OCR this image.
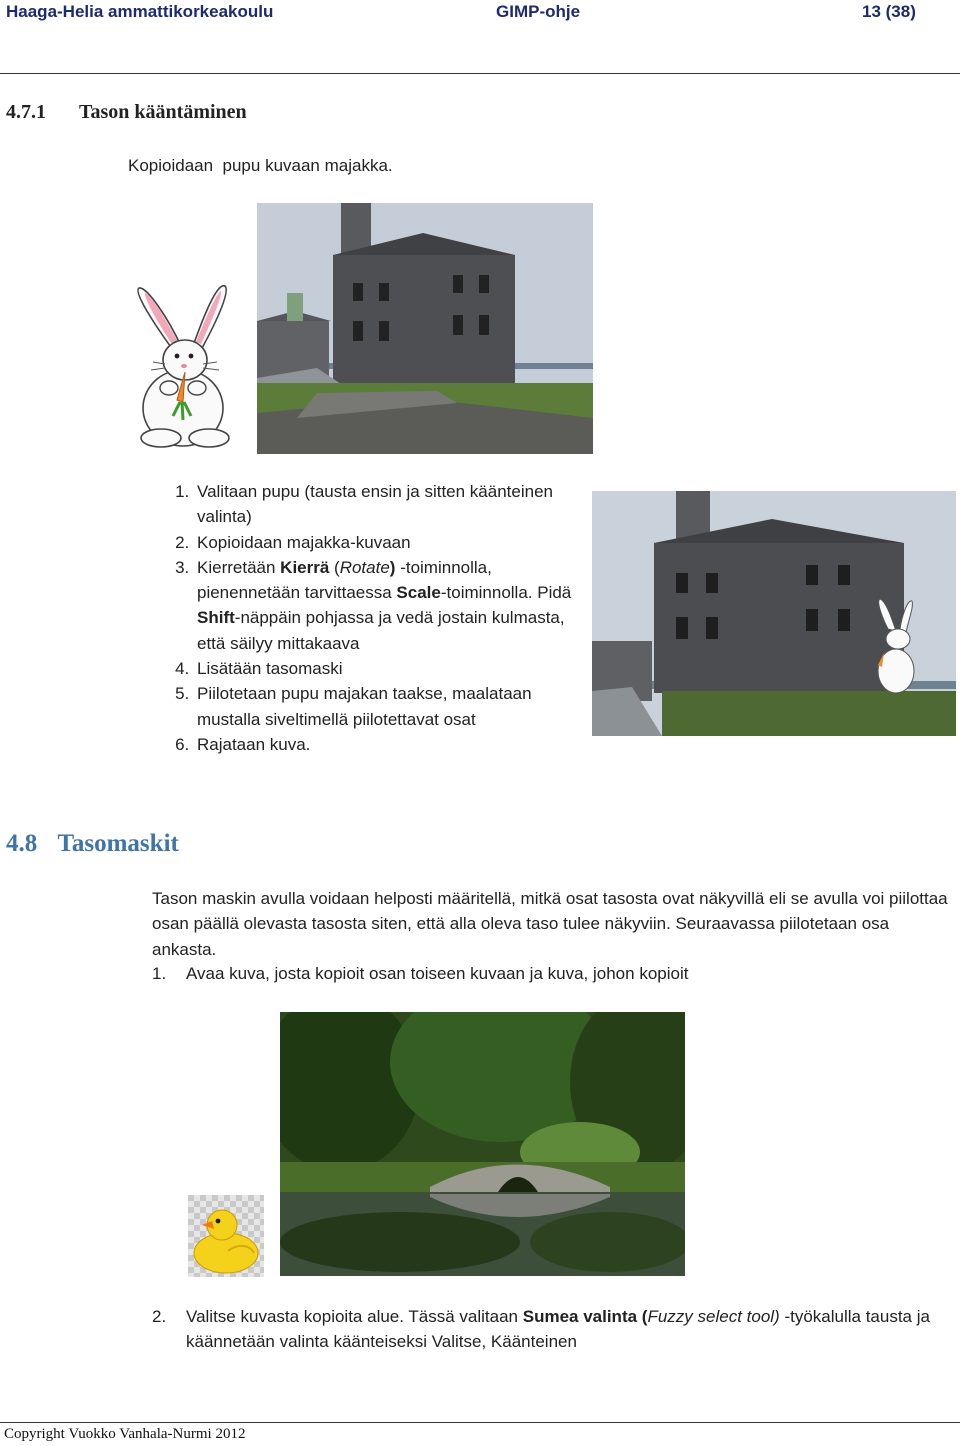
Haaga-Helia ammattikorkeakoulu	GIMP-ohje	13 (38)
4.7.1 Tason kääntäminen
Kopioidaan  pupu kuvaan majakka.
1. Valitaan pupu (tausta ensin ja sitten käänteinen valinta)
2. Kopioidaan majakka-kuvaan
3. Kierretään Kierrä (Rotate) -toiminnolla, pienennetään tarvittaessa Scale-toiminnolla. Pidä Shift-näppäin pohjassa ja vedä jostain kulmasta, että säilyy mittakaava
4. Lisätään tasomaski
5. Piilotetaan pupu majakan taakse, maalataan mustalla siveltimellä piilotettavat osat
6. Rajataan kuva.
4.8 Tasomaskit
Tason maskin avulla voidaan helposti määritellä, mitkä osat tasosta ovat näkyvillä eli se avulla voi piilottaa osan päällä olevasta tasosta siten, että alla oleva taso tulee näkyviin. Seuraavassa piilotetaan osa ankasta.
1. Avaa kuva, josta kopioit osan toiseen kuvaan ja kuva, johon kopioit
2.	Valitse kuvasta kopioita alue. Tässä valitaan Sumea valinta (Fuzzy select tool) -työkalulla tausta ja käännetään valinta käänteiseksi Valitse, Käänteinen
Copyright Vuokko Vanhala-Nurmi 2012
